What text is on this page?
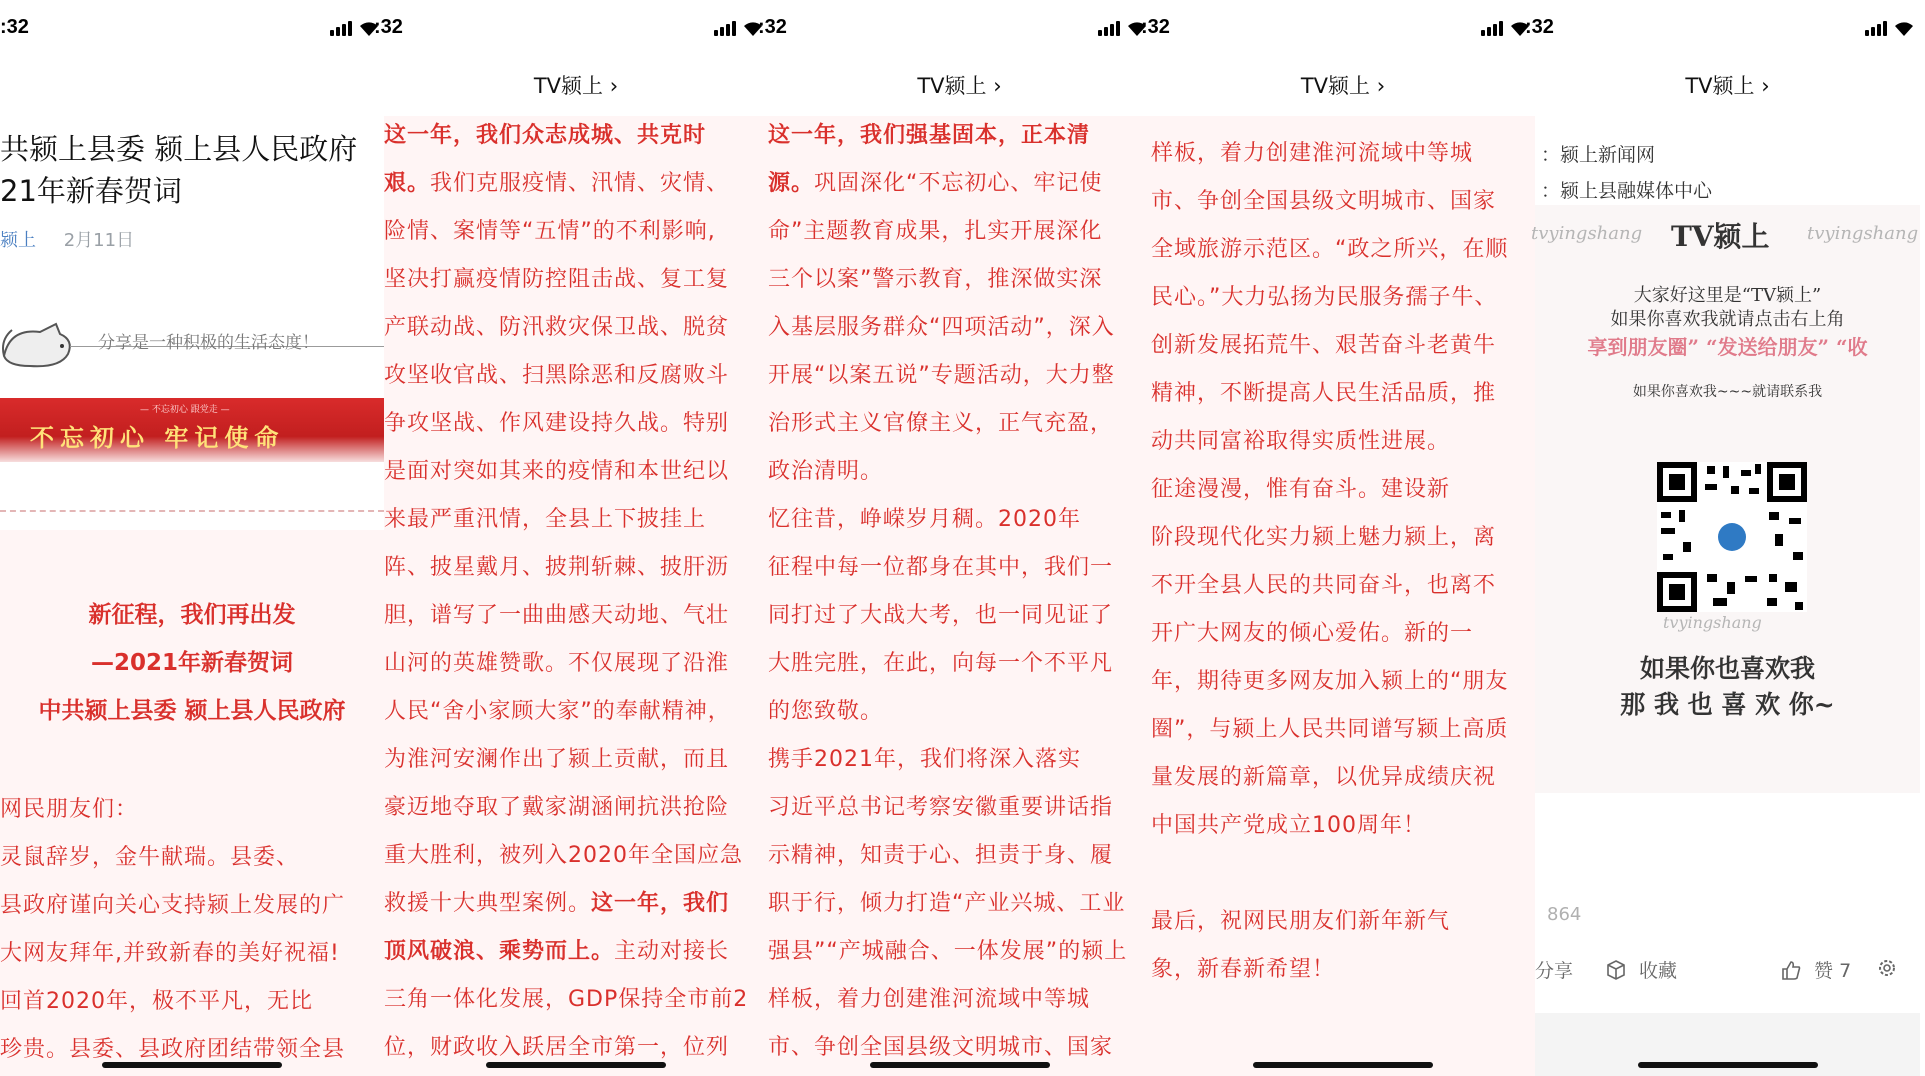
:32
共颍上县委 颍上县人民政府
21年新春贺词
颍上 2月11日
分享是一种积极的生活态度！
— 不忘初心 跟党走 —
不忘初心 牢记使命
新征程，我们再出发
—2021年新春贺词
中共颍上县委 颍上县人民政府
网民朋友们：
灵鼠辞岁，金牛献瑞。县委、
县政府谨向关心支持颍上发展的广
大网友拜年,并致新春的美好祝福!
回首2020年，极不平凡，无比
珍贵。县委、县政府团结带领全县
:32
TV颍上 ›
这一年，我们众志成城、共克时
艰。我们克服疫情、汛情、灾情、
险情、案情等“五情”的不利影响,
坚决打赢疫情防控阻击战、复工复
产联动战、防汛救灾保卫战、脱贫
攻坚收官战、扫黑除恶和反腐败斗
争攻坚战、作风建设持久战。特别
是面对突如其来的疫情和本世纪以
来最严重汛情，全县上下披挂上
阵、披星戴月、披荆斩棘、披肝沥
胆，谱写了一曲曲感天动地、气壮
山河的英雄赞歌。不仅展现了沿淮
人民“舍小家顾大家”的奉献精神，
为淮河安澜作出了颍上贡献，而且
豪迈地夺取了戴家湖涵闸抗洪抢险
重大胜利，被列入2020年全国应急
救援十大典型案例。这一年，我们
顶风破浪、乘势而上。主动对接长
三角一体化发展，GDP保持全市前2
位，财政收入跃居全市第一，位列
:32
TV颍上 ›
这一年，我们强基固本，正本清
源。巩固深化“不忘初心、牢记使
命”主题教育成果，扎实开展深化
三个以案”警示教育，推深做实深
入基层服务群众“四项活动”，深入
开展“以案五说”专题活动，大力整
治形式主义官僚主义，正气充盈，
政治清明。
忆往昔，峥嵘岁月稠。2020年
征程中每一位都身在其中，我们一
同打过了大战大考，也一同见证了
大胜完胜，在此，向每一个不平凡
的您致敬。
携手2021年，我们将深入落实
习近平总书记考察安徽重要讲话指
示精神，知责于心、担责于身、履
职于行，倾力打造“产业兴城、工业
强县”“产城融合、一体发展”的颍上
样板，着力创建淮河流域中等城
市、争创全国县级文明城市、国家
:32
TV颍上 ›
样板，着力创建淮河流域中等城
市、争创全国县级文明城市、国家
全域旅游示范区。“政之所兴，在顺
民心。”大力弘扬为民服务孺子牛、
创新发展拓荒牛、艰苦奋斗老黄牛
精神，不断提高人民生活品质，推
动共同富裕取得实质性进展。
征途漫漫，惟有奋斗。建设新
阶段现代化实力颍上魅力颍上，离
不开全县人民的共同奋斗，也离不
开广大网友的倾心爱佑。新的一
年，期待更多网友加入颍上的“朋友
圈”，与颍上人民共同谱写颍上高质
量发展的新篇章，以优异成绩庆祝
中国共产党成立100周年！
最后，祝网民朋友们新年新气
象，新春新希望！
:32
TV颍上 ›
：颍上新闻网
：颍上县融媒体中心
tvyingshang TV颍上 tvyingshang
大家好这里是“TV颍上”
如果你喜欢我就请点击右上角
享到朋友圈” “发送给朋友” “收
如果你喜欢我~~~就请联系我
tvyingshang
如果你也喜欢我
那 我 也 喜 欢 你~
864
分享	收藏	赞 7
